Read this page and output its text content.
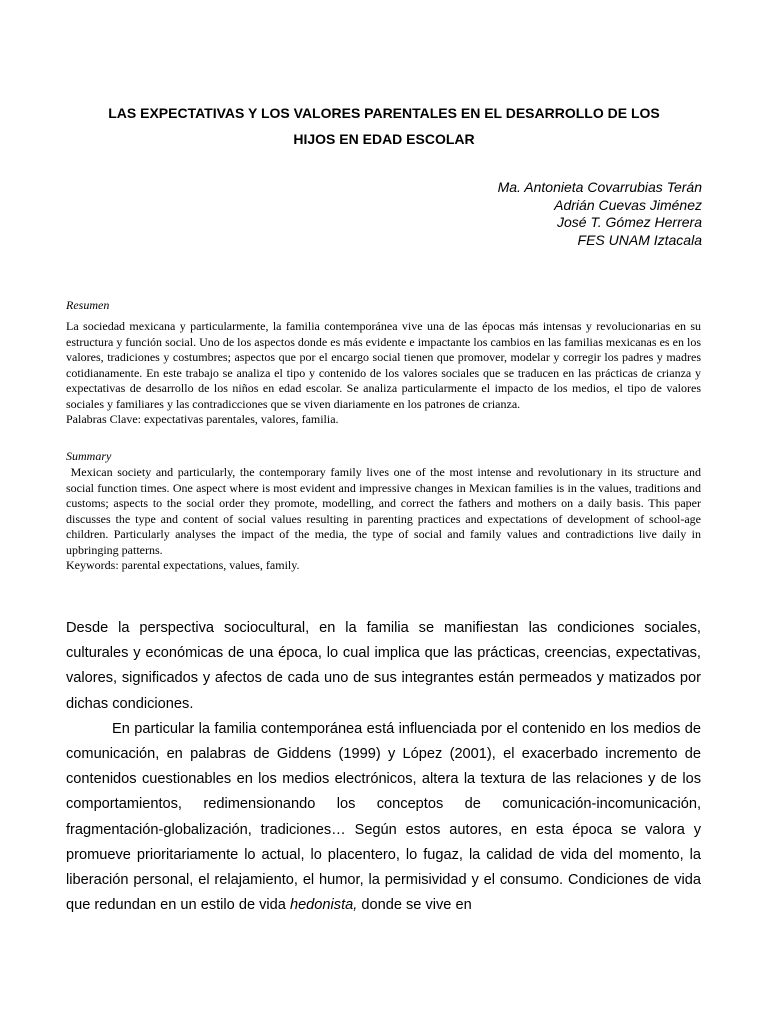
LAS EXPECTATIVAS Y LOS VALORES PARENTALES EN EL DESARROLLO DE LOS
HIJOS EN EDAD ESCOLAR
Ma. Antonieta Covarrubias Terán
Adrián Cuevas Jiménez
José T. Gómez Herrera
FES UNAM Iztacala
Resumen

La sociedad mexicana y particularmente, la familia contemporánea vive una de las épocas más intensas y revolucionarias en su estructura y función social. Uno de los aspectos donde es más evidente e impactante los cambios en las familias mexicanas es en los valores, tradiciones y costumbres; aspectos que por el encargo social tienen que promover, modelar y corregir los padres y madres cotidianamente. En este trabajo se analiza el tipo y contenido de los valores sociales que se traducen en las prácticas de crianza y expectativas de desarrollo de los niños en edad escolar. Se analiza particularmente el impacto de los medios, el tipo de valores sociales y familiares y las contradicciones que se viven diariamente en los patrones de crianza.

Palabras Clave: expectativas parentales, valores, familia.

Summary

Mexican society and particularly, the contemporary family lives one of the most intense and revolutionary in its structure and social function times. One aspect where is most evident and impressive changes in Mexican families is in the values, traditions and customs; aspects to the social order they promote, modelling, and correct the fathers and mothers on a daily basis. This paper discusses the type and content of social values resulting in parenting practices and expectations of development of school-age children. Particularly analyses the impact of the media, the type of social and family values and contradictions live daily in upbringing patterns.

Keywords: parental expectations, values, family.

Desde la perspectiva sociocultural, en la familia se manifiestan las condiciones sociales, culturales y económicas de una época, lo cual implica que las prácticas, creencias, expectativas, valores, significados y afectos de cada uno de sus integrantes están permeados y matizados por dichas condiciones.

En particular la familia contemporánea está influenciada por el contenido en los medios de comunicación, en palabras de Giddens (1999) y López (2001), el exacerbado incremento de contenidos cuestionables en los medios electrónicos, altera la textura de las relaciones y de los comportamientos, redimensionando los conceptos de comunicación-incomunicación, fragmentación-globalización, tradiciones… Según estos autores, en esta época se valora y promueve prioritariamente lo actual, lo placentero, lo fugaz, la calidad de vida del momento, la liberación personal, el relajamiento, el humor, la permisividad y el consumo. Condiciones de vida que redundan en un estilo de vida hedonista, donde se vive en
